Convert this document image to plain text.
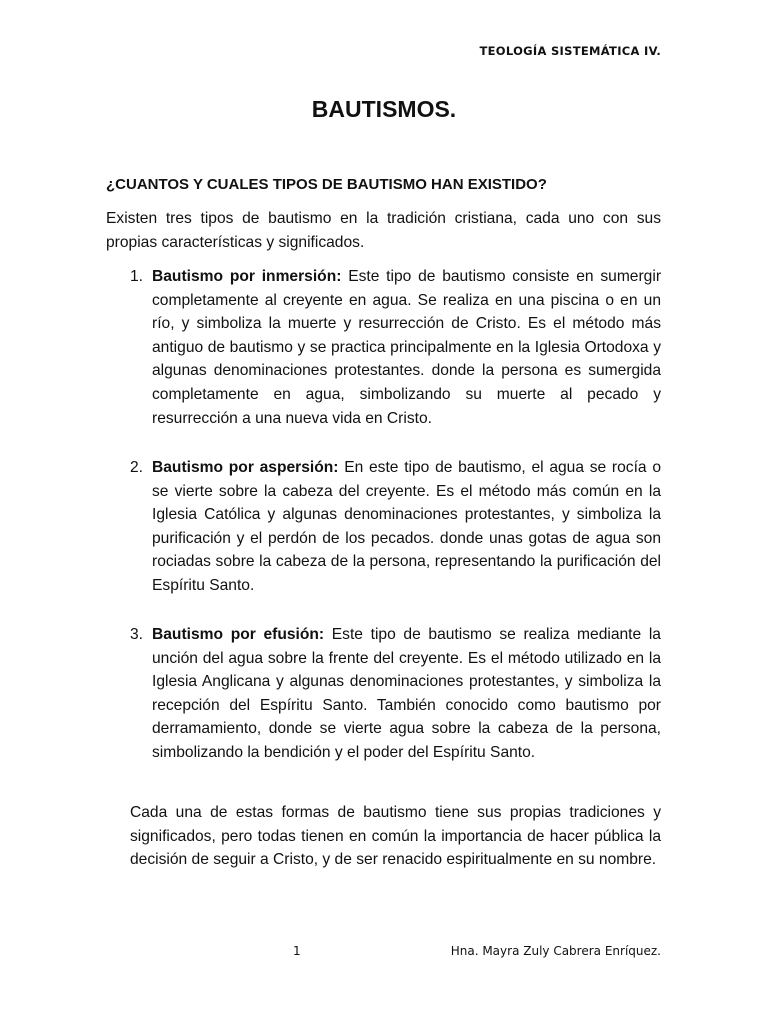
TEOLOGÍA SISTEMÁTICA IV.
BAUTISMOS.
¿CUANTOS Y CUALES TIPOS DE BAUTISMO HAN EXISTIDO?

Existen tres tipos de bautismo en la tradición cristiana, cada uno con sus propias características y significados.

1. Bautismo por inmersión: Este tipo de bautismo consiste en sumergir completamente al creyente en agua. Se realiza en una piscina o en un río, y simboliza la muerte y resurrección de Cristo. Es el método más antiguo de bautismo y se practica principalmente en la Iglesia Ortodoxa y algunas denominaciones protestantes. donde la persona es sumergida completamente en agua, simbolizando su muerte al pecado y resurrección a una nueva vida en Cristo.
2. Bautismo por aspersión: En este tipo de bautismo, el agua se rocía o se vierte sobre la cabeza del creyente. Es el método más común en la Iglesia Católica y algunas denominaciones protestantes, y simboliza la purificación y el perdón de los pecados. donde unas gotas de agua son rociadas sobre la cabeza de la persona, representando la purificación del Espíritu Santo.
3. Bautismo por efusión: Este tipo de bautismo se realiza mediante la unción del agua sobre la frente del creyente. Es el método utilizado en la Iglesia Anglicana y algunas denominaciones protestantes, y simboliza la recepción del Espíritu Santo. También conocido como bautismo por derramamiento, donde se vierte agua sobre la cabeza de la persona, simbolizando la bendición y el poder del Espíritu Santo.

Cada una de estas formas de bautismo tiene sus propias tradiciones y significados, pero todas tienen en común la importancia de hacer pública la decisión de seguir a Cristo, y de ser renacido espiritualmente en su nombre.

1	Hna. Mayra Zuly Cabrera Enríquez.
